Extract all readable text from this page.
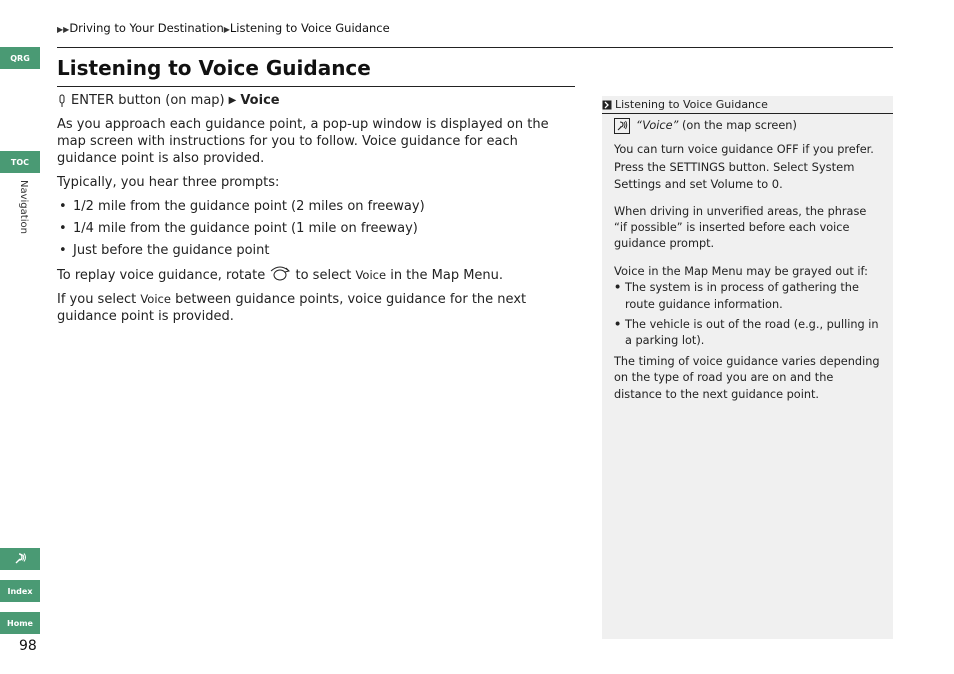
QRG
TOC
Navigation
Index
Home
98
▶▶Driving to Your Destination▶Listening to Voice Guidance
Listening to Voice Guidance

ENTER button (on map) ▶ Voice

As you approach each guidance point, a pop-up window is displayed on the map screen with instructions for you to follow. Voice guidance for each guidance point is also provided.

Typically, you hear three prompts:

• 1/2 mile from the guidance point (2 miles on freeway)
• 1/4 mile from the guidance point (1 mile on freeway)
• Just before the guidance point

To replay voice guidance, rotate to select Voice in the Map Menu.

If you select Voice between guidance points, voice guidance for the next guidance point is provided.

Listening to Voice Guidance

“Voice” (on the map screen)

You can turn voice guidance OFF if you prefer. Press the SETTINGS button. Select System Settings and set Volume to 0.

When driving in unverified areas, the phrase “if possible” is inserted before each voice guidance prompt.

Voice in the Map Menu may be grayed out if:

• The system is in process of gathering the route guidance information.
• The vehicle is out of the road (e.g., pulling in a parking lot).

The timing of voice guidance varies depending on the type of road you are on and the distance to the next guidance point.
